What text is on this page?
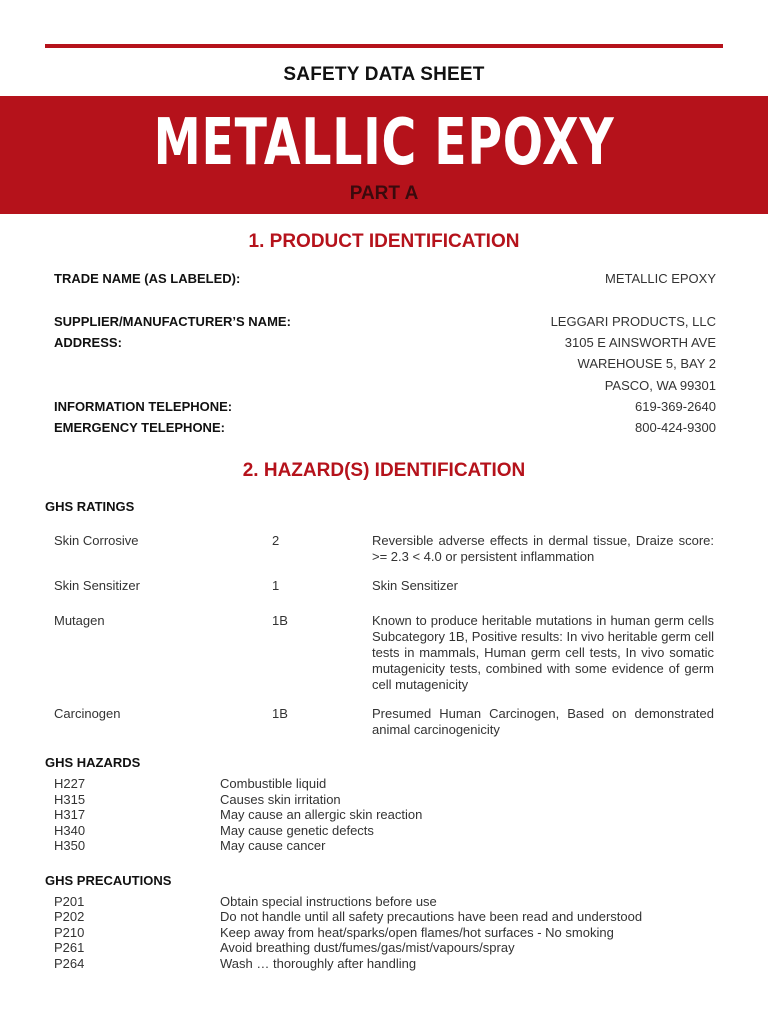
SAFETY DATA SHEET
METALLIC EPOXY
PART A
1. PRODUCT IDENTIFICATION
TRADE NAME (AS LABELED):	METALLIC EPOXY
SUPPLIER/MANUFACTURER’S NAME:	LEGGARI PRODUCTS, LLC
ADDRESS:	3105 E AINSWORTH AVE
WAREHOUSE 5, BAY 2
PASCO, WA 99301
INFORMATION TELEPHONE:	619-369-2640
EMERGENCY TELEPHONE:	800-424-9300
2. HAZARD(S) IDENTIFICATION
GHS RATINGS
Skin Corrosive	2	Reversible adverse effects in dermal tissue, Draize score: >= 2.3 < 4.0 or persistent inflammation
Skin Sensitizer	1	Skin Sensitizer
Mutagen	1B	Known to produce heritable mutations in human germ cells Subcategory 1B, Positive results: In vivo heritable germ cell tests in mammals, Human germ cell tests, In vivo somatic mutagenicity tests, combined with some evidence of germ cell mutagenicity
Carcinogen	1B	Presumed Human Carcinogen, Based on demonstrated animal carcinogenicity
GHS HAZARDS
H227	Combustible liquid
H315	Causes skin irritation
H317	May cause an allergic skin reaction
H340	May cause genetic defects
H350	May cause cancer
GHS PRECAUTIONS
P201	Obtain special instructions before use
P202	Do not handle until all safety precautions have been read and understood
P210	Keep away from heat/sparks/open flames/hot surfaces - No smoking
P261	Avoid breathing dust/fumes/gas/mist/vapours/spray
P264	Wash … thoroughly after handling
